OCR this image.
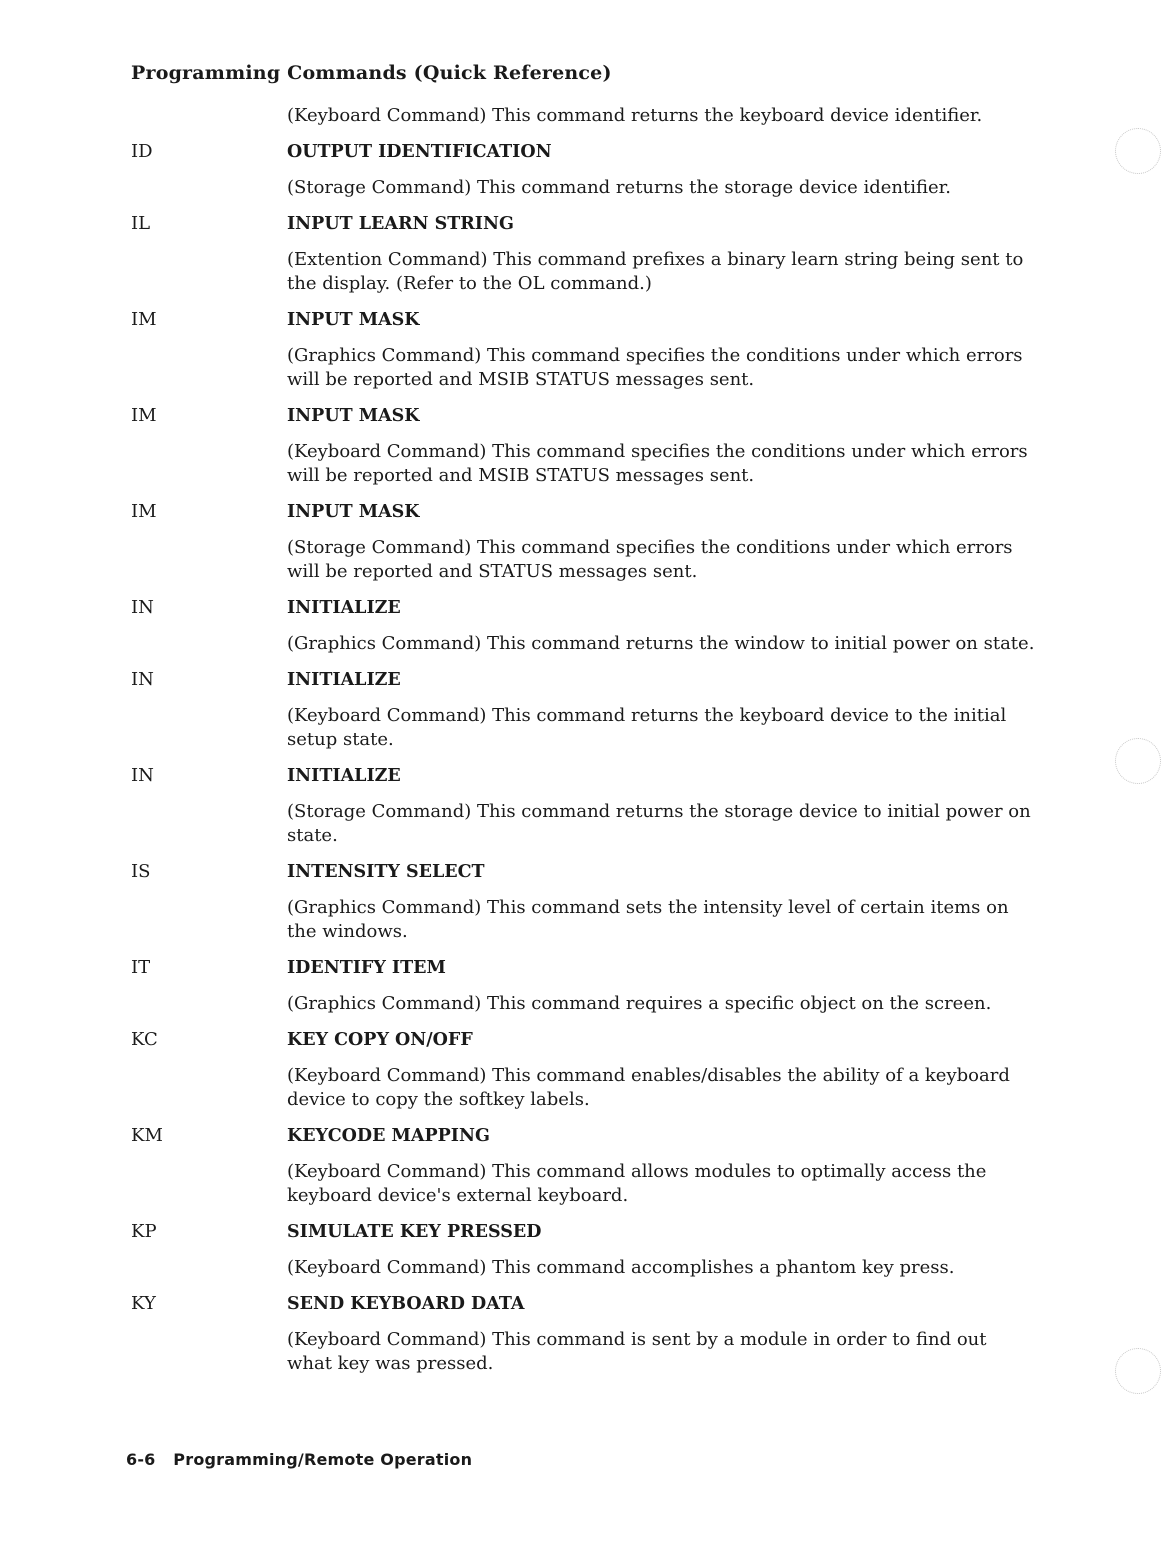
Programming Commands (Quick Reference)
(Keyboard Command) This command returns the keyboard device identifier.
ID	OUTPUT IDENTIFICATION
(Storage Command) This command returns the storage device identifier.
IL	INPUT LEARN STRING
(Extention Command) This command prefixes a binary learn string being sent to the display. (Refer to the OL command.)
IM	INPUT MASK
(Graphics Command) This command specifies the conditions under which errors will be reported and MSIB STATUS messages sent.
IM	INPUT MASK
(Keyboard Command) This command specifies the conditions under which errors will be reported and MSIB STATUS messages sent.
IM	INPUT MASK
(Storage Command) This command specifies the conditions under which errors will be reported and STATUS messages sent.
IN	INITIALIZE
(Graphics Command) This command returns the window to initial power on state.
IN	INITIALIZE
(Keyboard Command) This command returns the keyboard device to the initial setup state.
IN	INITIALIZE
(Storage Command) This command returns the storage device to initial power on state.
IS	INTENSITY SELECT
(Graphics Command) This command sets the intensity level of certain items on the windows.
IT	IDENTIFY ITEM
(Graphics Command) This command requires a specific object on the screen.
KC	KEY COPY ON/OFF
(Keyboard Command) This command enables/disables the ability of a keyboard device to copy the softkey labels.
KM	KEYCODE MAPPING
(Keyboard Command) This command allows modules to optimally access the keyboard device's external keyboard.
KP	SIMULATE KEY PRESSED
(Keyboard Command) This command accomplishes a phantom key press.
KY	SEND KEYBOARD DATA
(Keyboard Command) This command is sent by a module in order to find out what key was pressed.
6-6 Programming/Remote Operation
